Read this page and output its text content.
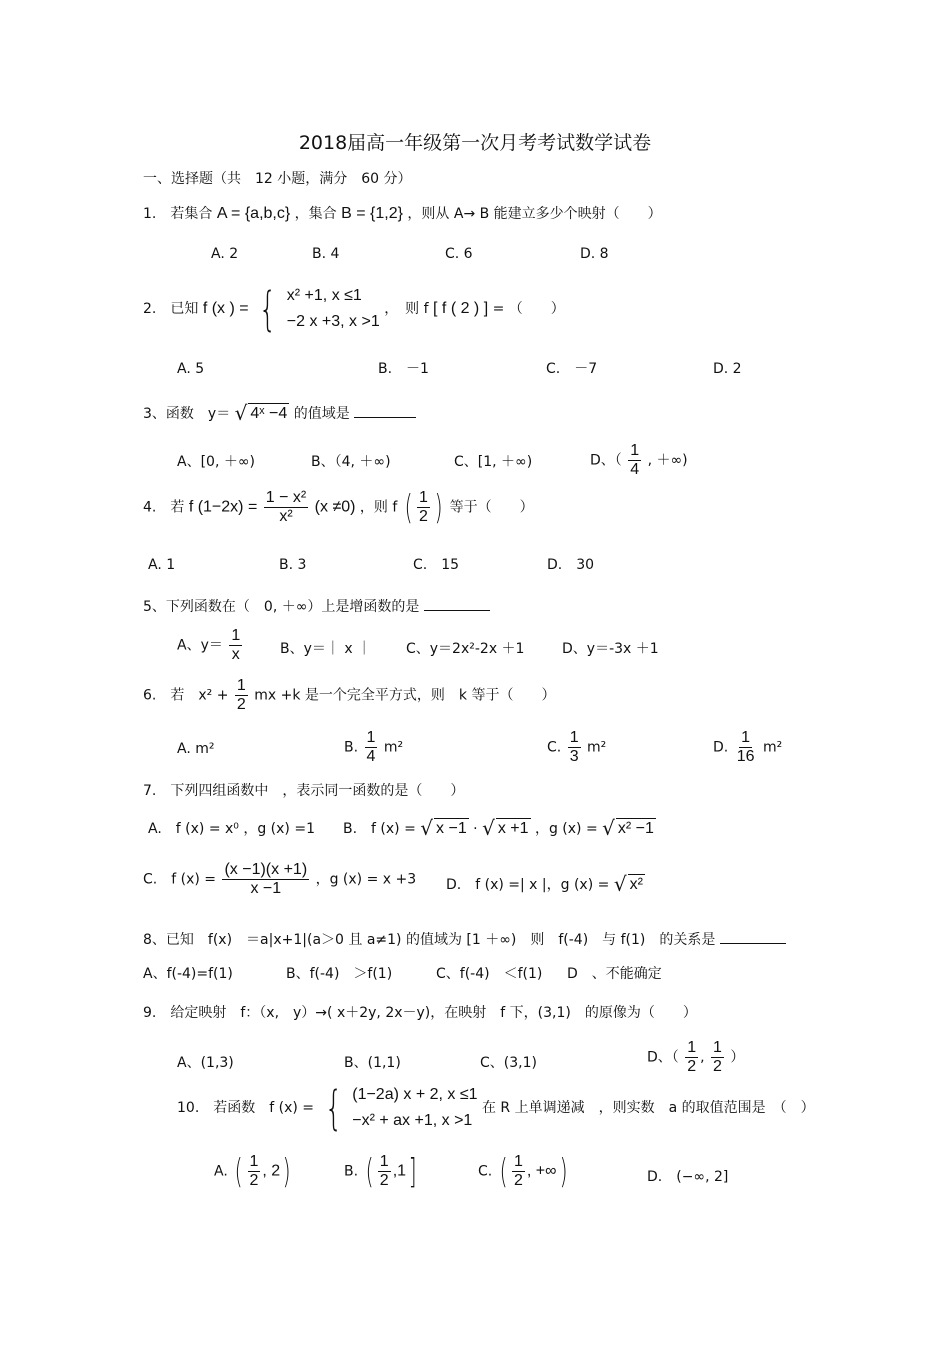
2018届高一年级第一次月考考试数学试卷
一、选择题（共　12 小题，满分　60 分）
1.　若集合 A = {a,b,c} ，集合 B = {1,2} ，则从 A→ B 能建立多少个映射（　　）
A. 2	B. 4	C. 6	D. 8
2.　已知 f (x ) = { x² +1, x ≤1
−2 x +3, x >1
，　则 f [ f ( 2 ) ] = （　　）
A. 5	B.　－1	C.　－7	D. 2
3、函数　y＝ √ 4ˣ −4 的值域是
A、[0, ＋∞)	B、（4, ＋∞)	C、[1, ＋∞)	D、（ $\frac{1}{4}$ , ＋∞)
4.　若 f $(1-2x) = \frac{\text{1 − x²}}{\text{x²}} (x \ne 0)$ ，则 f ( $\frac{1}{2}$ ) 等于（　　）
A. 1	B. 3	C.　15	D.　30
5、下列函数在（　0, ＋∞）上是增函数的是
A、$y= \frac{1}{x}$	B、y＝｜ x ｜ C、y＝2x²-2x ＋1	D、y＝-3x ＋1
6.　若　$x^2 + \frac{1}{2}$ mx +k 是一个完全平方式，则　k 等于（　　）
A. m²	B. $\frac{1}{4} m^2$	C. $\frac{1}{3} m^2$	D. $\frac{1}{16} m^2$
7.　下列四组函数中　，表示同一函数的是（　　）
A.　f (x) = x⁰ ，g (x) =1 B.　f (x) = √ x −1 · √ x +1 ，g (x) = √ x² −1
C.　f $(x) = \frac{(x -1)(x +1)}{x -1}$ ，g (x) = x +3 D.　f (x) =| x |，g (x) = √ x²
8、已知　f(x)　＝a|x+1|(a＞0 且 a≠1) 的值域为 [1 ＋∞)　则　f(-4)　与 f(1)　的关系是
A、f(-4)=f(1)	B、f(-4)　＞f(1)	C、f(-4)　＜f(1) D　、不能确定
9.　给定映射　f：（x,　y）→( x＋2y, 2x－y)，在映射　f 下，(3,1)　的原像为（　　）
A、(1,3)	B、(1,1)	C、(3,1)	D、（ $\frac{1}{2}$ , $\frac{1}{2}$ ）
10.　若函数　f (x) = { (1−2a) x + 2, x ≤1
−x² + ax +1, x >1
在 R 上单调递减　，则实数　a 的取值范围是　（　）
A. ( $\frac{1}{2}$ , 2)	B. ( $\frac{1}{2} ,1$]	C. ( $\frac{1}{2}$ , +∞)	D.　(−∞, 2]
